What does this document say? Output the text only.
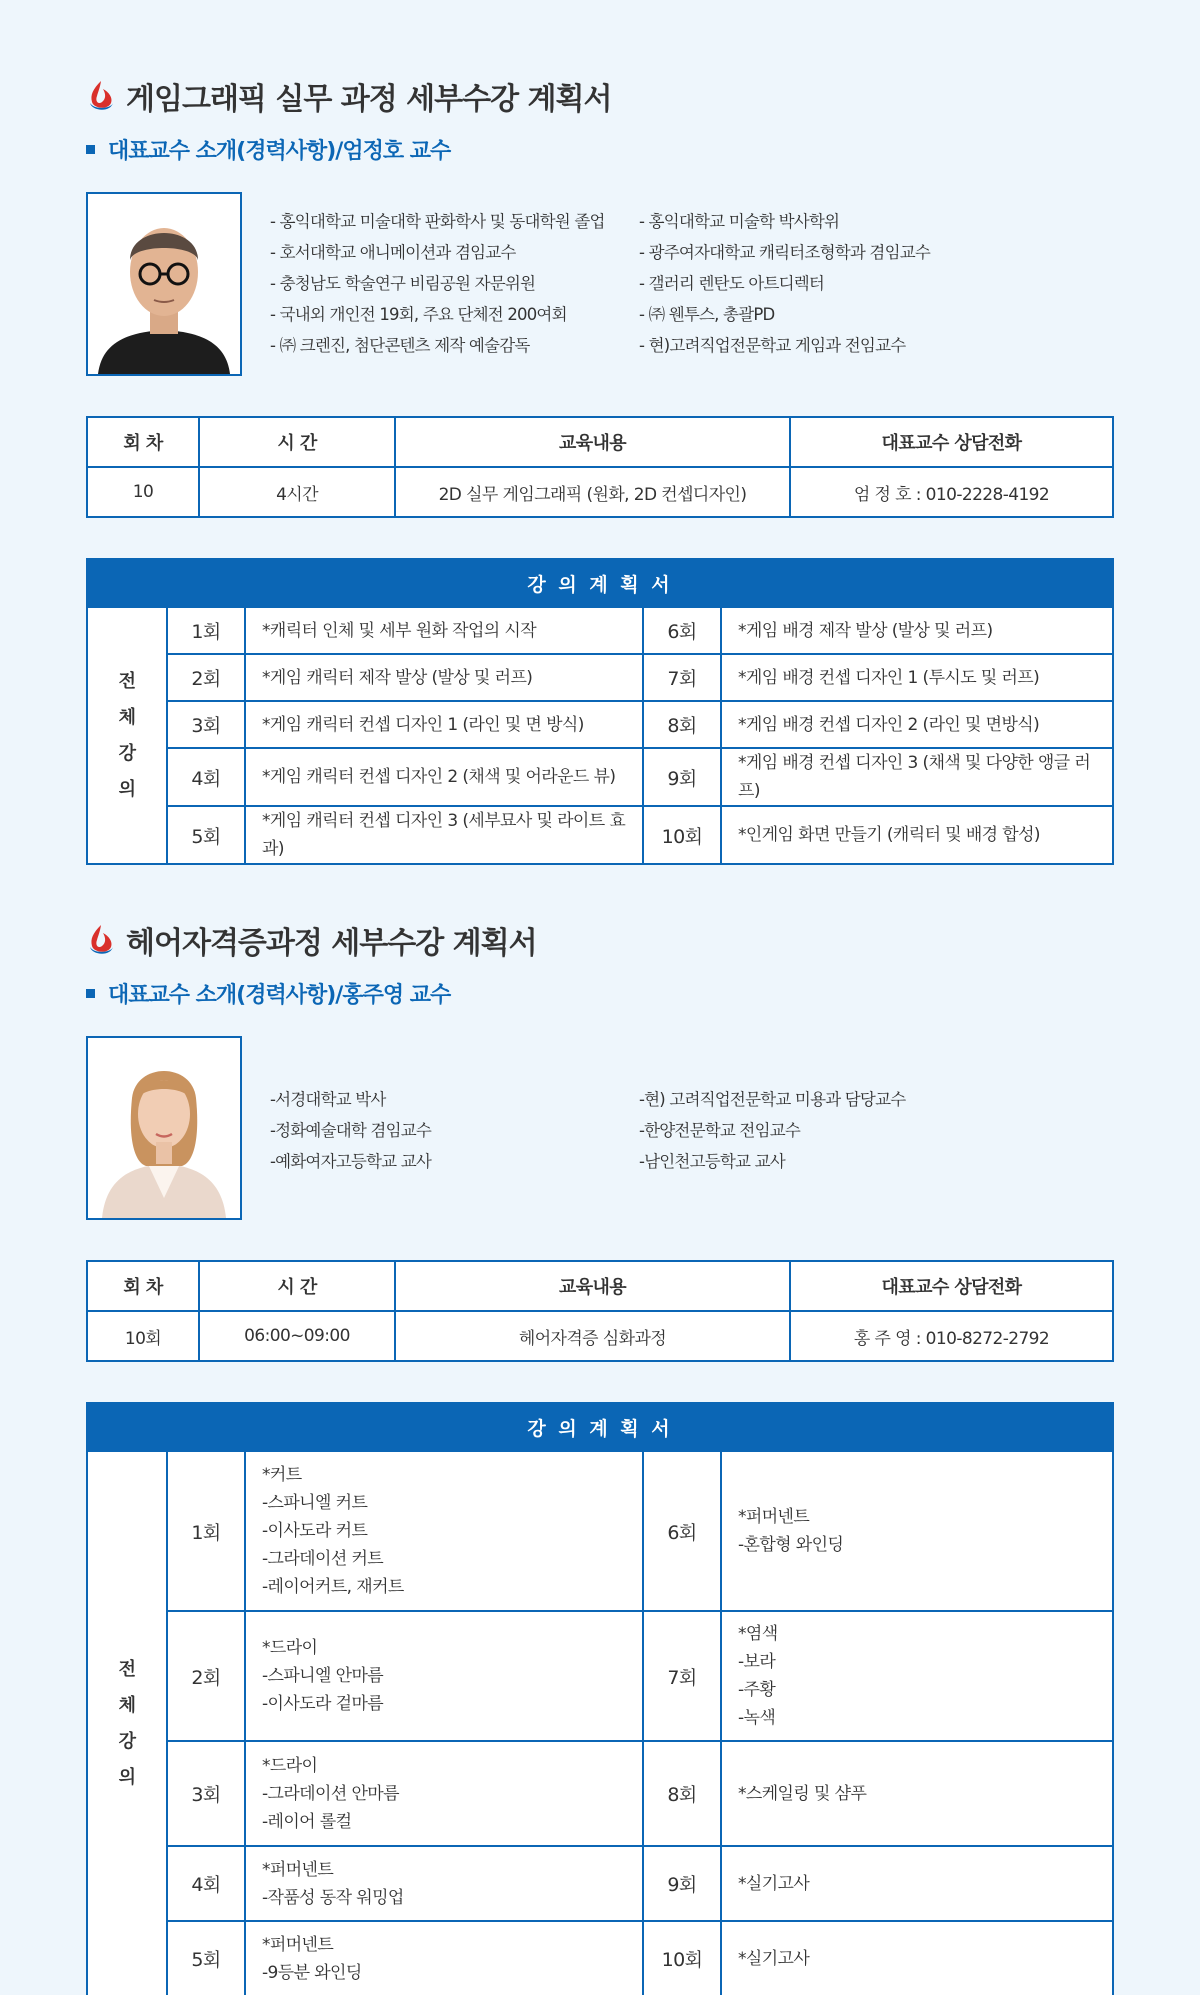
게임그래픽 실무 과정 세부수강 계획서
대표교수 소개(경력사항)/엄정호 교수
- 홍익대학교 미술대학 판화학사 및 동대학원 졸업
- 호서대학교 애니메이션과 겸임교수
- 충청남도 학술연구 비림공원 자문위원
- 국내외 개인전 19회, 주요 단체전 200여회
- ㈜ 크렌진, 첨단콘텐츠 제작 예술감독
- 홍익대학교 미술학 박사학위
- 광주여자대학교 캐릭터조형학과 겸임교수
- 갤러리 렌탄도 아트디렉터
- ㈜ 웬투스, 총괄PD
- 현)고려직업전문학교 게임과 전임교수
회 차	시 간	교육내용	대표교수 상담전화
10	4시간	2D 실무 게임그래픽 (원화, 2D 컨셉디자인)	엄 정 호 : 010-2228-4192
강 의 계 획 서				

전
체
강
의	1회	*캐릭터 인체 및 세부 원화 작업의 시작	6회	*게임 배경 제작 발상 (발상 및 러프)
	2회	*게임 캐릭터 제작 발상 (발상 및 러프)	7회	*게임 배경 컨셉 디자인 1 (투시도 및 러프)
	3회	*게임 캐릭터 컨셉 디자인 1 (라인 및 면 방식)	8회	*게임 배경 컨셉 디자인 2 (라인 및 면방식)
	4회	*게임 캐릭터 컨셉 디자인 2 (채색 및 어라운드 뷰)	9회	*게임 배경 컨셉 디자인 3 (채색 및 다양한 앵글 러프)
	5회	*게임 캐릭터 컨셉 디자인 3 (세부묘사 및 라이트 효과)	10회	*인게임 화면 만들기 (캐릭터 및 배경 합성)
헤어자격증과정 세부수강 계획서
대표교수 소개(경력사항)/홍주영 교수
-서경대학교 박사
-정화예술대학 겸임교수
-예화여자고등학교 교사
-현) 고려직업전문학교 미용과 담당교수
-한양전문학교 전임교수
-남인천고등학교 교사
회 차	시 간	교육내용	대표교수 상담전화
10회	06:00~09:00	헤어자격증 심화과정	홍 주 영 : 010-8272-2792
강 의 계 획 서				

전
체
강
의	1회	*커트
-스파니엘 커트
-이사도라 커트
-그라데이션 커트
-레이어커트, 재커트	6회	*퍼머넨트
-혼합형 와인딩

	2회	*드라이
-스파니엘 안마름
-이사도라 겉마름	7회	*염색
-보라
-주황
-녹색

	3회	*드라이
-그라데이션 안마름
-레이어 롤컬	8회	*스케일링 및 샴푸

	4회	*퍼머넨트
-작품성 동작 워밍업	9회	*실기고사

	5회	*퍼머넨트
-9등분 와인딩	10회	*실기고사
